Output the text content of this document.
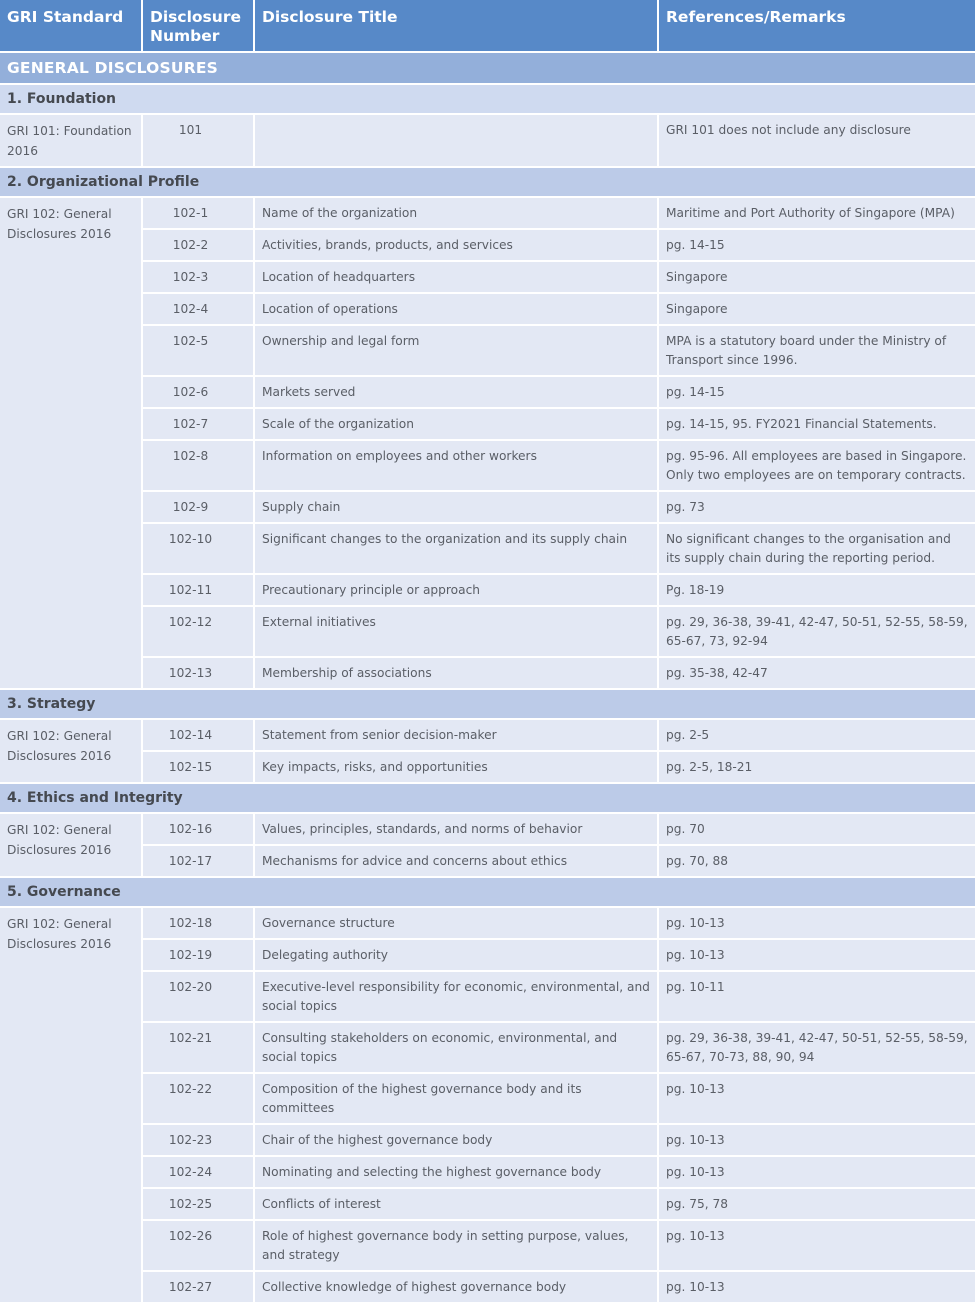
GRI Standard	Disclosure Number	Disclosure Title	References/Remarks
GENERAL DISCLOSURES			
1. Foundation			
GRI 101: Foundation 2016	101		GRI 101 does not include any disclosure
2. Organizational Profile			
GRI 102: General Disclosures 2016	102-1	Name of the organization	Maritime and Port Authority of Singapore (MPA)
	102-2	Activities, brands, products, and services	pg. 14-15
	102-3	Location of headquarters	Singapore
	102-4	Location of operations	Singapore
	102-5	Ownership and legal form	MPA is a statutory board under the Ministry of Transport since 1996.
	102-6	Markets served	pg. 14-15
	102-7	Scale of the organization	pg. 14-15, 95. FY2021 Financial Statements.
	102-8	Information on employees and other workers	pg. 95-96. All employees are based in Singapore. Only two employees are on temporary contracts.
	102-9	Supply chain	pg. 73
	102-10	Significant changes to the organization and its supply chain	No significant changes to the organisation and its supply chain during the reporting period.
	102-11	Precautionary principle or approach	Pg. 18-19
	102-12	External initiatives	pg. 29, 36-38, 39-41, 42-47, 50-51, 52-55, 58-59, 65-67, 73, 92-94
	102-13	Membership of associations	pg. 35-38, 42-47
3. Strategy			
GRI 102: General Disclosures 2016	102-14	Statement from senior decision-maker	pg. 2-5
	102-15	Key impacts, risks, and opportunities	pg. 2-5, 18-21
4. Ethics and Integrity			
GRI 102: General Disclosures 2016	102-16	Values, principles, standards, and norms of behavior	pg. 70
	102-17	Mechanisms for advice and concerns about ethics	pg. 70, 88
5. Governance			
GRI 102: General Disclosures 2016	102-18	Governance structure	pg. 10-13
	102-19	Delegating authority	pg. 10-13
	102-20	Executive-level responsibility for economic, environmental, and social topics	pg. 10-11
	102-21	Consulting stakeholders on economic, environmental, and social topics	pg. 29, 36-38, 39-41, 42-47, 50-51, 52-55, 58-59, 65-67, 70-73, 88, 90, 94
	102-22	Composition of the highest governance body and its committees	pg. 10-13
	102-23	Chair of the highest governance body	pg. 10-13
	102-24	Nominating and selecting the highest governance body	pg. 10-13
	102-25	Conflicts of interest	pg. 75, 78
	102-26	Role of highest governance body in setting purpose, values, and strategy	pg. 10-13
	102-27	Collective knowledge of highest governance body	pg. 10-13
